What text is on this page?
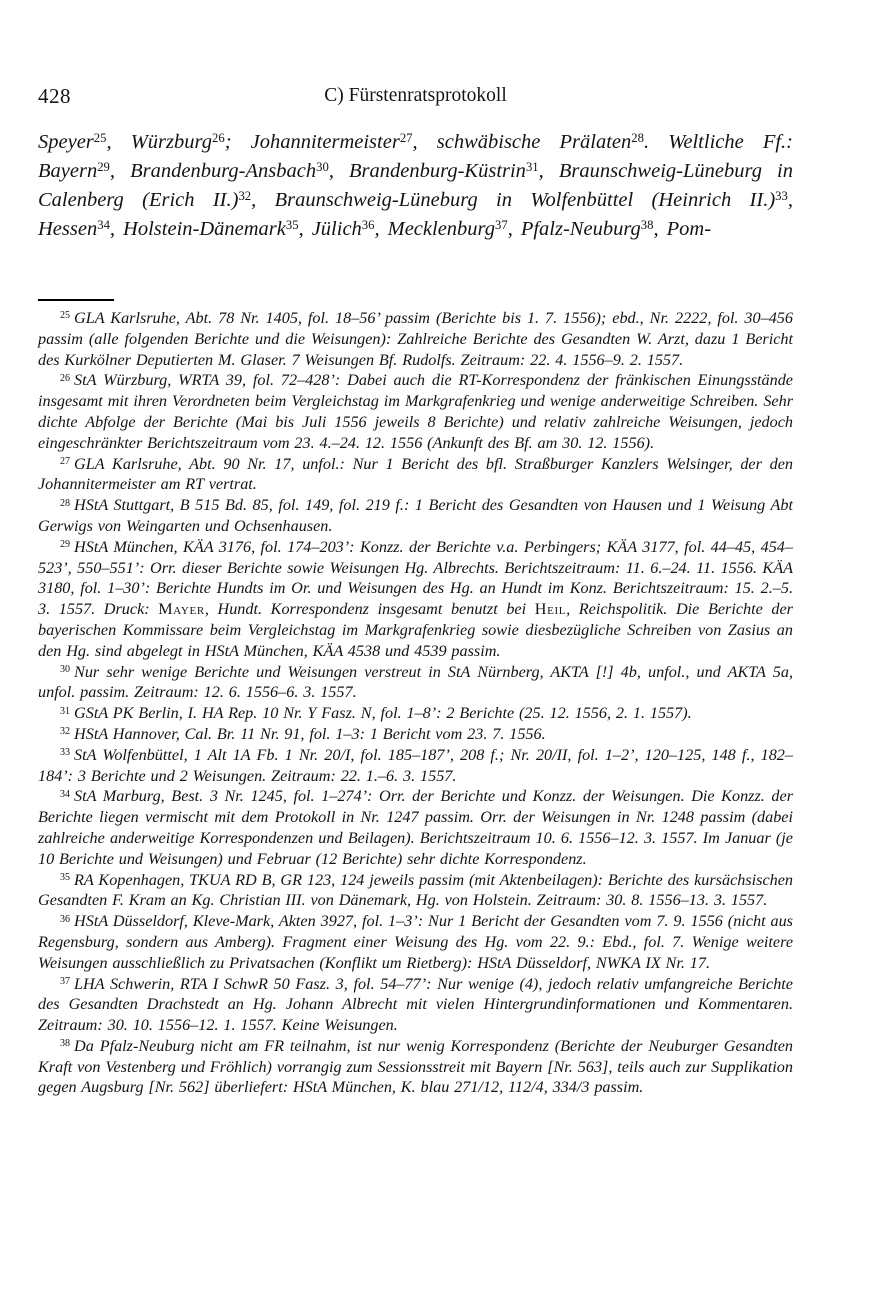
428	C) Fürstenratsprotokoll

Speyer$^{25}$, Würzburg$^{26}$; Johannitermeister$^{27}$, schwäbische Prälaten$^{28}$. Weltliche Ff.: Bayern$^{29}$, Brandenburg-Ansbach$^{30}$, Brandenburg-Küstrin$^{31}$, Braunschweig-Lüneburg in Calenberg (Erich II.)$^{32}$, Braunschweig-Lüneburg in Wolfenbüttel (Heinrich II.)$^{33}$, Hessen$^{34}$, Holstein-Dänemark$^{35}$, Jülich$^{36}$, Mecklenburg$^{37}$, Pfalz-Neuburg$^{38}$, Pom-

$^{25}$ GLA Karlsruhe, Abt. 78 Nr. 1405, fol. 18–56’ passim (Berichte bis 1. 7. 1556); ebd., Nr. 2222, fol. 30–456 passim (alle folgenden Berichte und die Weisungen): Zahlreiche Berichte des Gesandten W. Arzt, dazu 1 Bericht des Kurkölner Deputierten M. Glaser. 7 Weisungen Bf. Rudolfs. Zeitraum: 22. 4. 1556–9. 2. 1557.

$^{26}$ StA Würzburg, WRTA 39, fol. 72–428’: Dabei auch die RT-Korrespondenz der fränkischen Einungsstände insgesamt mit ihren Verordneten beim Vergleichstag im Markgrafenkrieg und wenige anderweitige Schreiben. Sehr dichte Abfolge der Berichte (Mai bis Juli 1556 jeweils 8 Berichte) und relativ zahlreiche Weisungen, jedoch eingeschränkter Berichtszeitraum vom 23. 4.–24. 12. 1556 (Ankunft des Bf. am 30. 12. 1556).

$^{27}$ GLA Karlsruhe, Abt. 90 Nr. 17, unfol.: Nur 1 Bericht des bfl. Straßburger Kanzlers Welsinger, der den Johannitermeister am RT vertrat.

$^{28}$ HStA Stuttgart, B 515 Bd. 85, fol. 149, fol. 219 f.: 1 Bericht des Gesandten von Hausen und 1 Weisung Abt Gerwigs von Weingarten und Ochsenhausen.

$^{29}$ HStA München, KÄA 3176, fol. 174–203’: Konzz. der Berichte v.a. Perbingers; KÄA 3177, fol. 44–45, 454–523’, 550–551’: Orr. dieser Berichte sowie Weisungen Hg. Albrechts. Berichtszeitraum: 11. 6.–24. 11. 1556. KÄA 3180, fol. 1–30’: Berichte Hundts im Or. und Weisungen des Hg. an Hundt im Konz. Berichtszeitraum: 15. 2.–5. 3. 1557. Druck: Mayer, Hundt. Korrespondenz insgesamt benutzt bei Heil, Reichspolitik. Die Berichte der bayerischen Kommissare beim Vergleichstag im Markgrafenkrieg sowie diesbezügliche Schreiben von Zasius an den Hg. sind abgelegt in HStA München, KÄA 4538 und 4539 passim.

$^{30}$ Nur sehr wenige Berichte und Weisungen verstreut in StA Nürnberg, AKTA [!] 4b, unfol., und AKTA 5a, unfol. passim. Zeitraum: 12. 6. 1556–6. 3. 1557.

$^{31}$ GStA PK Berlin, I. HA Rep. 10 Nr. Y Fasz. N, fol. 1–8’: 2 Berichte (25. 12. 1556, 2. 1. 1557).

$^{32}$ HStA Hannover, Cal. Br. 11 Nr. 91, fol. 1–3: 1 Bericht vom 23. 7. 1556.

$^{33}$ StA Wolfenbüttel, 1 Alt 1A Fb. 1 Nr. 20/I, fol. 185–187’, 208 f.; Nr. 20/II, fol. 1–2’, 120–125, 148 f., 182–184’: 3 Berichte und 2 Weisungen. Zeitraum: 22. 1.–6. 3. 1557.

$^{34}$ StA Marburg, Best. 3 Nr. 1245, fol. 1–274’: Orr. der Berichte und Konzz. der Weisungen. Die Konzz. der Berichte liegen vermischt mit dem Protokoll in Nr. 1247 passim. Orr. der Weisungen in Nr. 1248 passim (dabei zahlreiche anderweitige Korrespondenzen und Beilagen). Berichtszeitraum 10. 6. 1556–12. 3. 1557. Im Januar (je 10 Berichte und Weisungen) und Februar (12 Berichte) sehr dichte Korrespondenz.

$^{35}$ RA Kopenhagen, TKUA RD B, GR 123, 124 jeweils passim (mit Aktenbeilagen): Berichte des kursächsischen Gesandten F. Kram an Kg. Christian III. von Dänemark, Hg. von Holstein. Zeitraum: 30. 8. 1556–13. 3. 1557.

$^{36}$ HStA Düsseldorf, Kleve-Mark, Akten 3927, fol. 1–3’: Nur 1 Bericht der Gesandten vom 7. 9. 1556 (nicht aus Regensburg, sondern aus Amberg). Fragment einer Weisung des Hg. vom 22. 9.: Ebd., fol. 7. Wenige weitere Weisungen ausschließlich zu Privatsachen (Konflikt um Rietberg): HStA Düsseldorf, NWKA IX Nr. 17.

$^{37}$ LHA Schwerin, RTA I SchwR 50 Fasz. 3, fol. 54–77’: Nur wenige (4), jedoch relativ umfangreiche Berichte des Gesandten Drachstedt an Hg. Johann Albrecht mit vielen Hintergrundinformationen und Kommentaren. Zeitraum: 30. 10. 1556–12. 1. 1557. Keine Weisungen.

$^{38}$ Da Pfalz-Neuburg nicht am FR teilnahm, ist nur wenig Korrespondenz (Berichte der Neuburger Gesandten Kraft von Vestenberg und Fröhlich) vorrangig zum Sessionsstreit mit Bayern [Nr. 563], teils auch zur Supplikation gegen Augsburg [Nr. 562] überliefert: HStA München, K. blau 271/12, 112/4, 334/3 passim.
